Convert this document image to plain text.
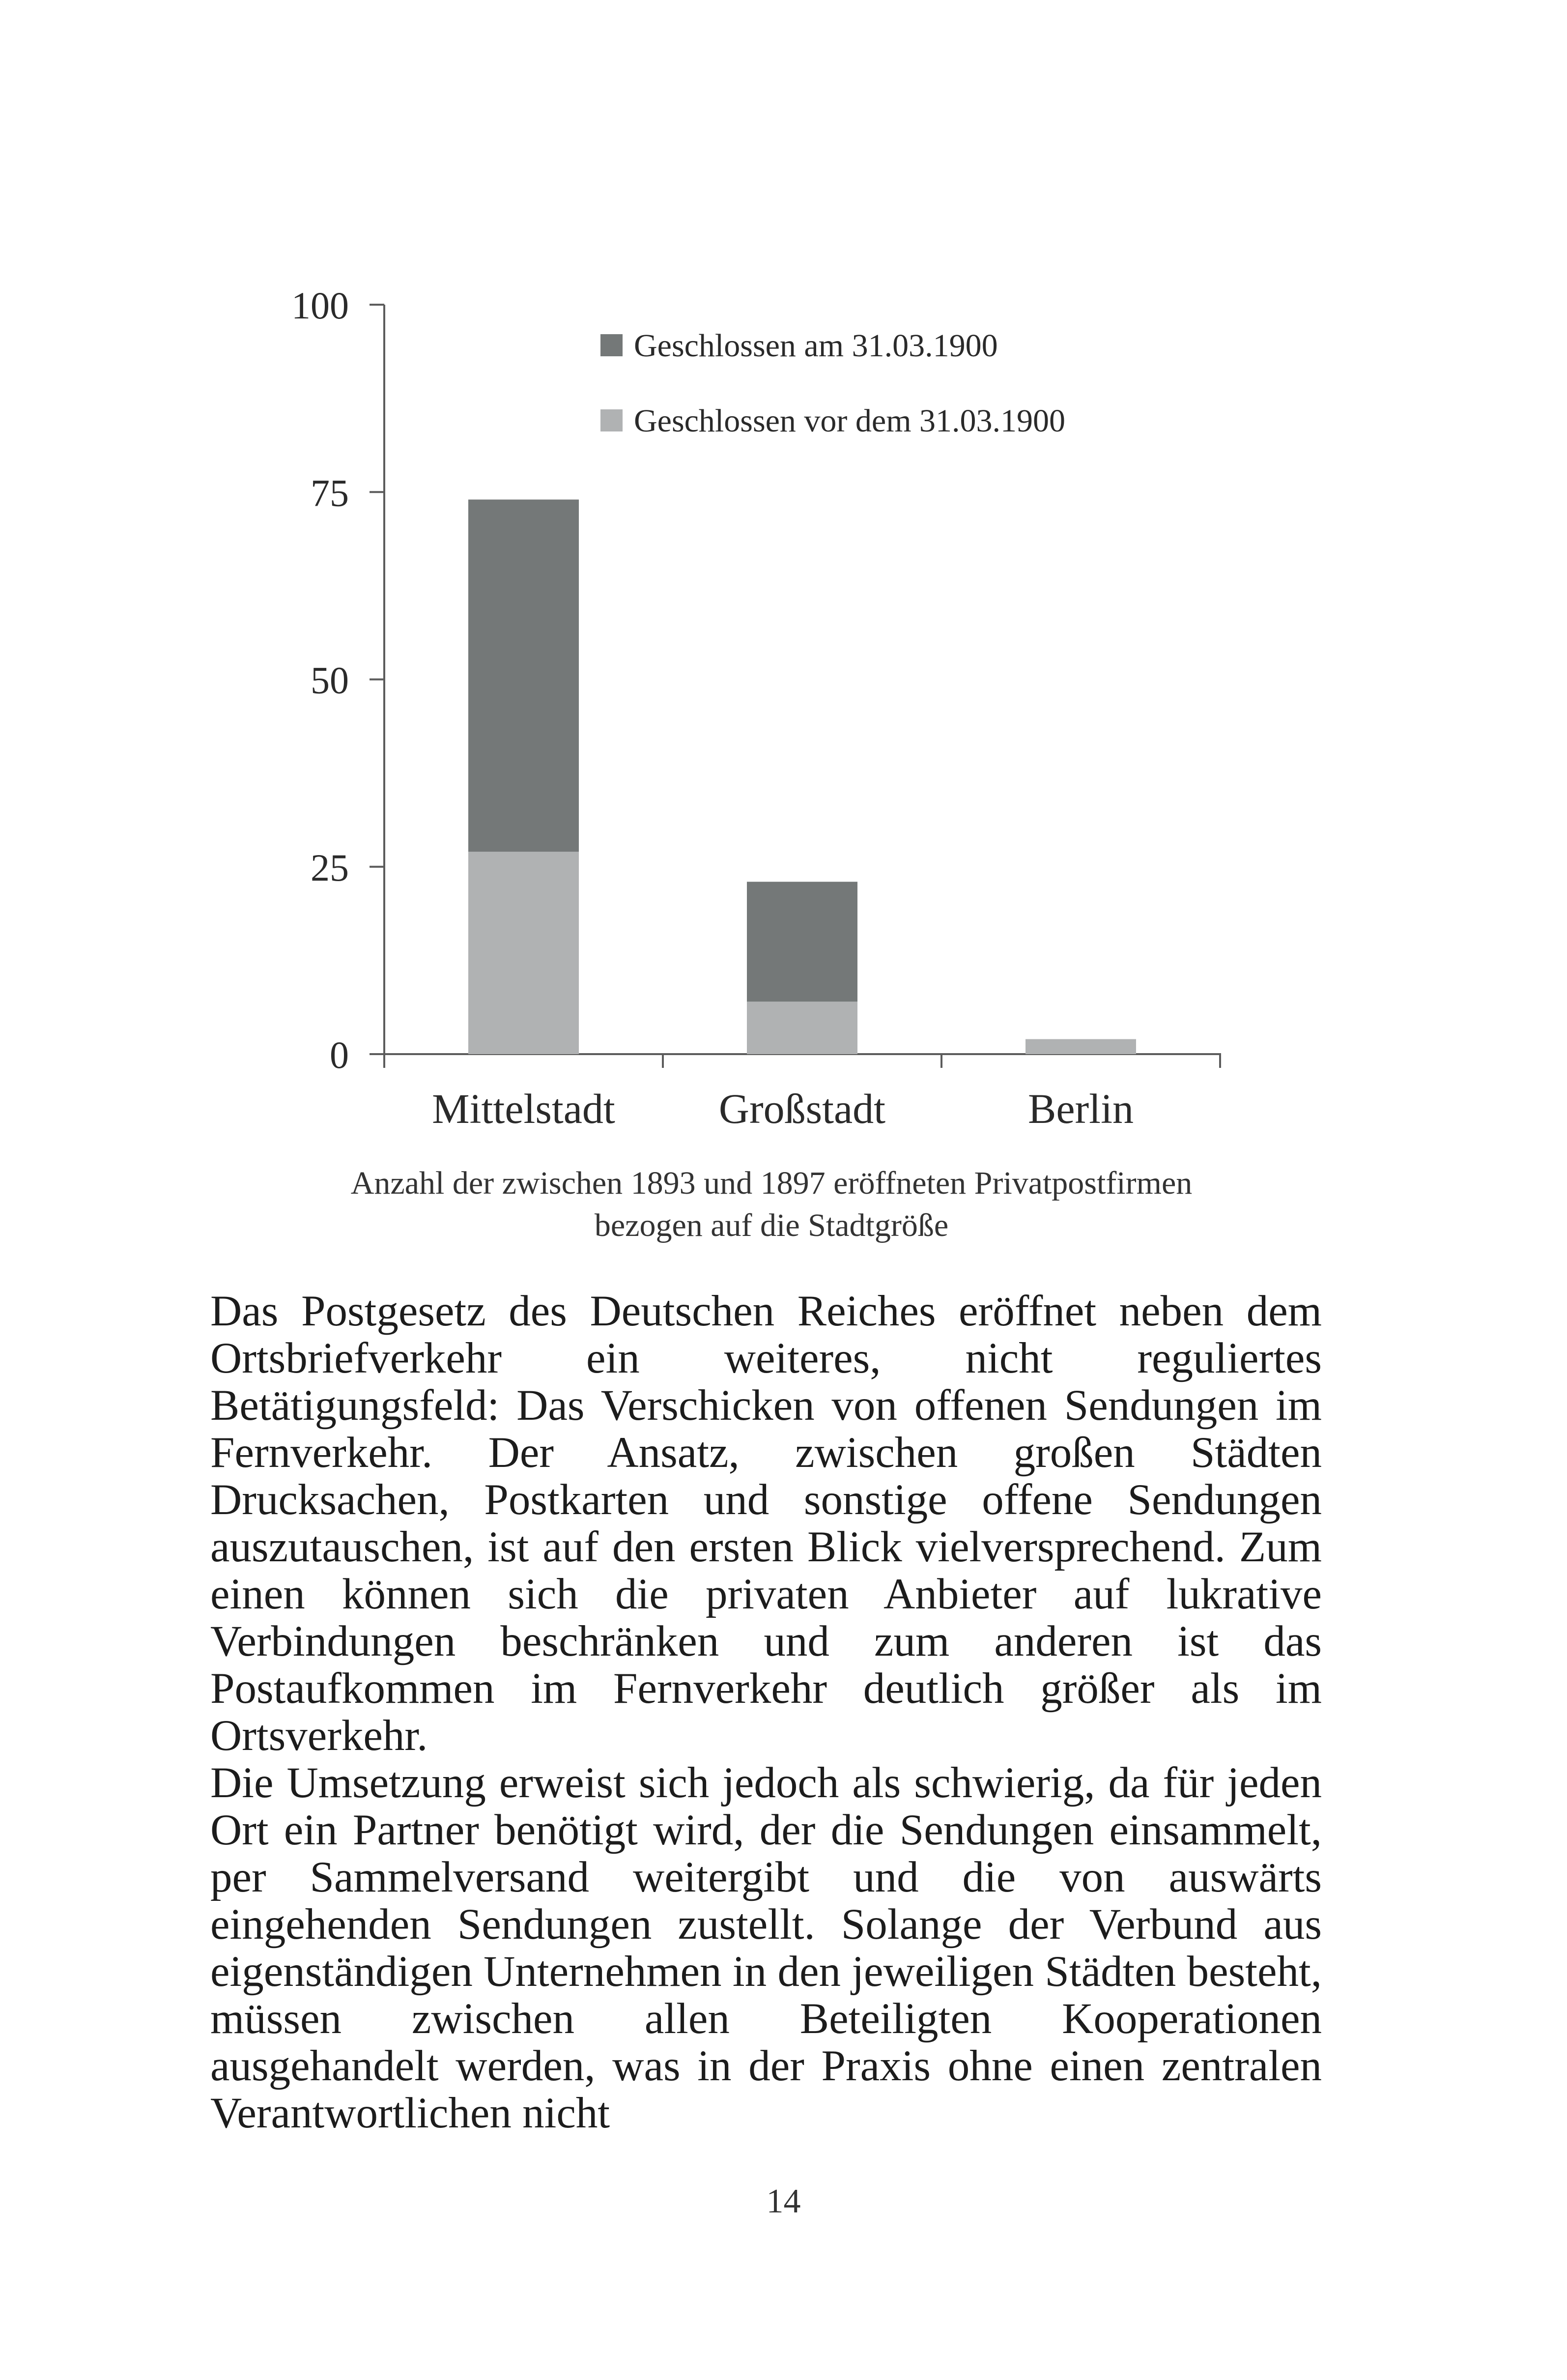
0
25
50
75
100
Mittelstadt Großstadt	Berlin
Geschlossen am 31.03.1900
Geschlossen vor dem 31.03.1900
Anzahl der zwischen 1893 und 1897 eröffneten Privatpostfirmen
bezogen auf die Stadtgröße

Das Postgesetz des Deutschen Reiches eröffnet neben dem Ortsbriefverkehr ein weiteres, nicht reguliertes Betätigungsfeld: Das Verschicken von offenen Sendungen im Fernverkehr. Der Ansatz, zwischen großen Städten Drucksachen, Postkarten und sonstige offene Sendungen auszutauschen, ist auf den ersten Blick vielversprechend. Zum einen können sich die privaten Anbieter auf lukrative Verbindungen beschränken und zum anderen ist das Postaufkommen im Fernverkehr deutlich größer als im Ortsverkehr.

Die Umsetzung erweist sich jedoch als schwierig, da für jeden Ort ein Partner benötigt wird, der die Sendungen einsammelt, per Sammelversand weitergibt und die von auswärts eingehenden Sendungen zustellt. Solange der Verbund aus eigenständigen Unternehmen in den jeweiligen Städten besteht, müssen zwischen allen Beteiligten Kooperationen ausgehandelt werden, was in der Praxis ohne einen zentralen Verantwortlichen nicht

14
